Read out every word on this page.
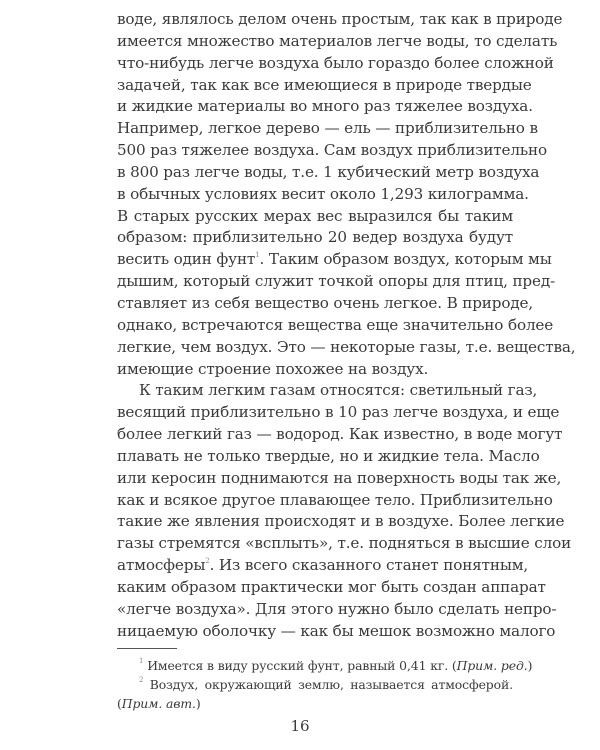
воде, являлось делом очень простым, так как в природе
имеется множество материалов легче воды, то сделать
что-нибудь легче воздуха было гораздо более сложной
задачей, так как все имеющиеся в природе твердые
и жидкие материалы во много раз тяжелее воздуха.
Например, легкое дерево — ель — приблизительно в
500 раз тяжелее воздуха. Сам воздух приблизительно
в 800 раз легче воды, т.е. 1 кубический метр воздуха
в обычных условиях весит около 1,293 килограмма.
В старых русских мерах вес выразился бы таким
образом: приблизительно 20 ведер воздуха будут
весить один фунт$^1$. Таким образом воздух, которым мы
дышим, который служит точкой опоры для птиц, пред-
ставляет из себя вещество очень легкое. В природе,
однако, встречаются вещества еще значительно более
легкие, чем воздух. Это — некоторые газы, т.е. вещества,
имеющие строение похожее на воздух.
К таким легким газам относятся: светильный газ,
весящий приблизительно в 10 раз легче воздуха, и еще
более легкий газ — водород. Как известно, в воде могут
плавать не только твердые, но и жидкие тела. Масло
или керосин поднимаются на поверхность воды так же,
как и всякое другое плавающее тело. Приблизительно
такие же явления происходят и в воздухе. Более легкие
газы стремятся «всплыть», т.е. подняться в высшие слои
атмосферы$^2$. Из всего сказанного станет понятным,
каким образом практически мог быть создан аппарат
«легче воздуха». Для этого нужно было сделать непро-
ницаемую оболочку — как бы мешок возможно малого
$^1$ Имеется в виду русский фунт, равный 0,41 кг. (Прим. ред.)
$^2$ Воздух, окружающий землю, называется атмосферой.
(Прим. авт.)
16
